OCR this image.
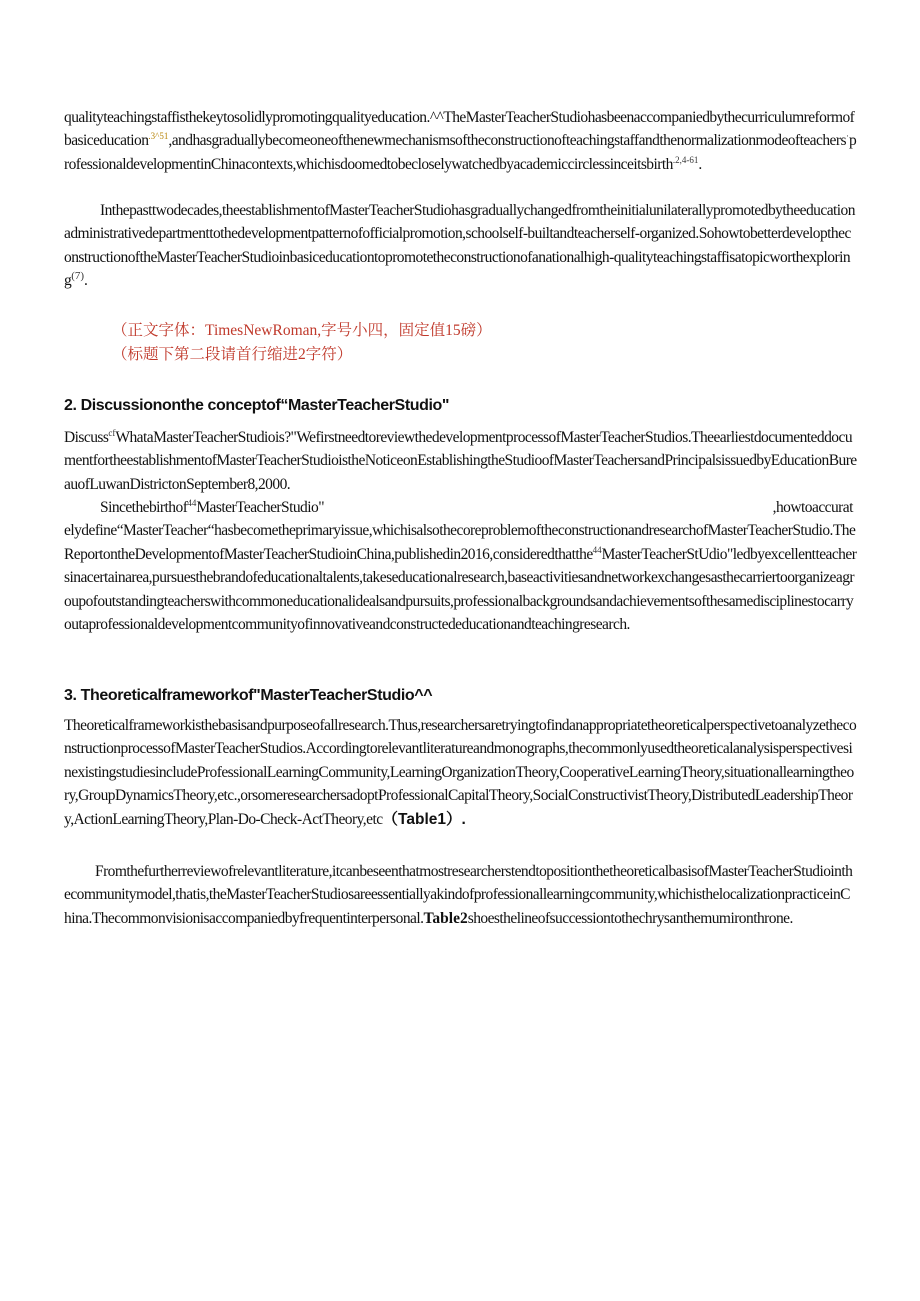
qualityteachingstaffisthekeytosolidlypromotingqualityeducation.^^TheMasterTeacherStudiohasbeenaccompaniedbythecurriculumreformofbasiceducation$^{.3\^{}51}$,andhasgraduallybecomeoneofthenewmechanismsoftheconstructionofteachingstaffandthenormalizationmodeofteachers·professionaldevelopmentinChinacontexts,whichisdoomedtobecloselywatchedbyacademiccirclessinceitsbirth$^{.2,4-61}$.

Inthepasttwodecades,theestablishmentofMasterTeacherStudiohasgraduallychangedfromtheinitialunilaterallypromotedbytheeducationadministrativedepartmenttothedevelopmentpatternofofficialpromotion,schoolself-builtandteacherself-organized.SohowtobetterdeveloptheconstructionoftheMasterTeacherStudioinbasiceducationtopromotetheconstructionofanationalhigh-qualityteachingstaffisatopicworthexploring$^{(7)}$.

（正文字体：TimesNewRoman,字号小四，固定值15磅）
（标题下第二段请首行缩进2字符）
2. Discussiononthe conceptof“MasterTeacherStudio"

Discuss$^{cf}$WhataMasterTeacherStudiois?"WefirstneedtoreviewthedevelopmentprocessofMasterTeacherStudios.TheearliestdocumenteddocumentfortheestablishmentofMasterTeacherStudioistheNoticeonEstablishingtheStudioofMasterTeachersandPrincipalsissuedbyEducationBureauofLuwanDistrictonSeptember8,2000.

Sincethebirthof$^{44}$MasterTeacherStudio"	,howtoaccuratelydefine“MasterTeacher“hasbecometheprimaryissue,whichisalsothecoreproblemoftheconstructionandresearchofMasterTeacherStudio.TheReportontheDevelopmentofMasterTeacherStudioinChina,publishedin2016,consideredthatthe$^{44}$MasterTeacherStUdio"ledbyexcellentteachersinacertainarea,pursuesthebrandofeducationaltalents,takeseducationalresearch,baseactivitiesandnetworkexchangesasthecarriertoorganizeagroupofoutstandingteacherswithcommoneducationalidealsandpursuits,professionalbackgroundsandachievementsofthesamedisciplinestocarryoutaprofessionaldevelopmentcommunityofinnovativeandconstructededucationandteachingresearch.

3. Theoreticalframeworkof"MasterTeacherStudio^^

Theoreticalframeworkisthebasisandpurposeofallresearch.Thus,researchersaretryingtofindanappropriatetheoreticalperspectivetoanalyzetheconstructionprocessofMasterTeacherStudios.Accordingtorelevantliteratureandmonographs,thecommonlyusedtheoreticalanalysisperspectivesinexistingstudiesincludeProfessionalLearningCommunity,LearningOrganizationTheory,CooperativeLearningTheory,situationallearningtheory,GroupDynamicsTheory,etc.,orsomeresearchersadoptProfessionalCapitalTheory,SocialConstructivistTheory,DistributedLeadershipTheory,ActionLearningTheory,Plan-Do-Check-ActTheory,etc（Table1）.

Fromthefurtherreviewofrelevantliterature,itcanbeseenthatmostresearcherstendtopositionthetheoreticalbasisofMasterTeacherStudiointhecommunitymodel,thatis,theMasterTeacherStudiosareessentiallyakindofprofessionallearningcommunity,whichisthelocalizationpracticeinChina.Thecommonvisionisaccompaniedbyfrequentinterpersonal.Table2shoesthelineofsuccessiontothechrysanthemumironthrone.
